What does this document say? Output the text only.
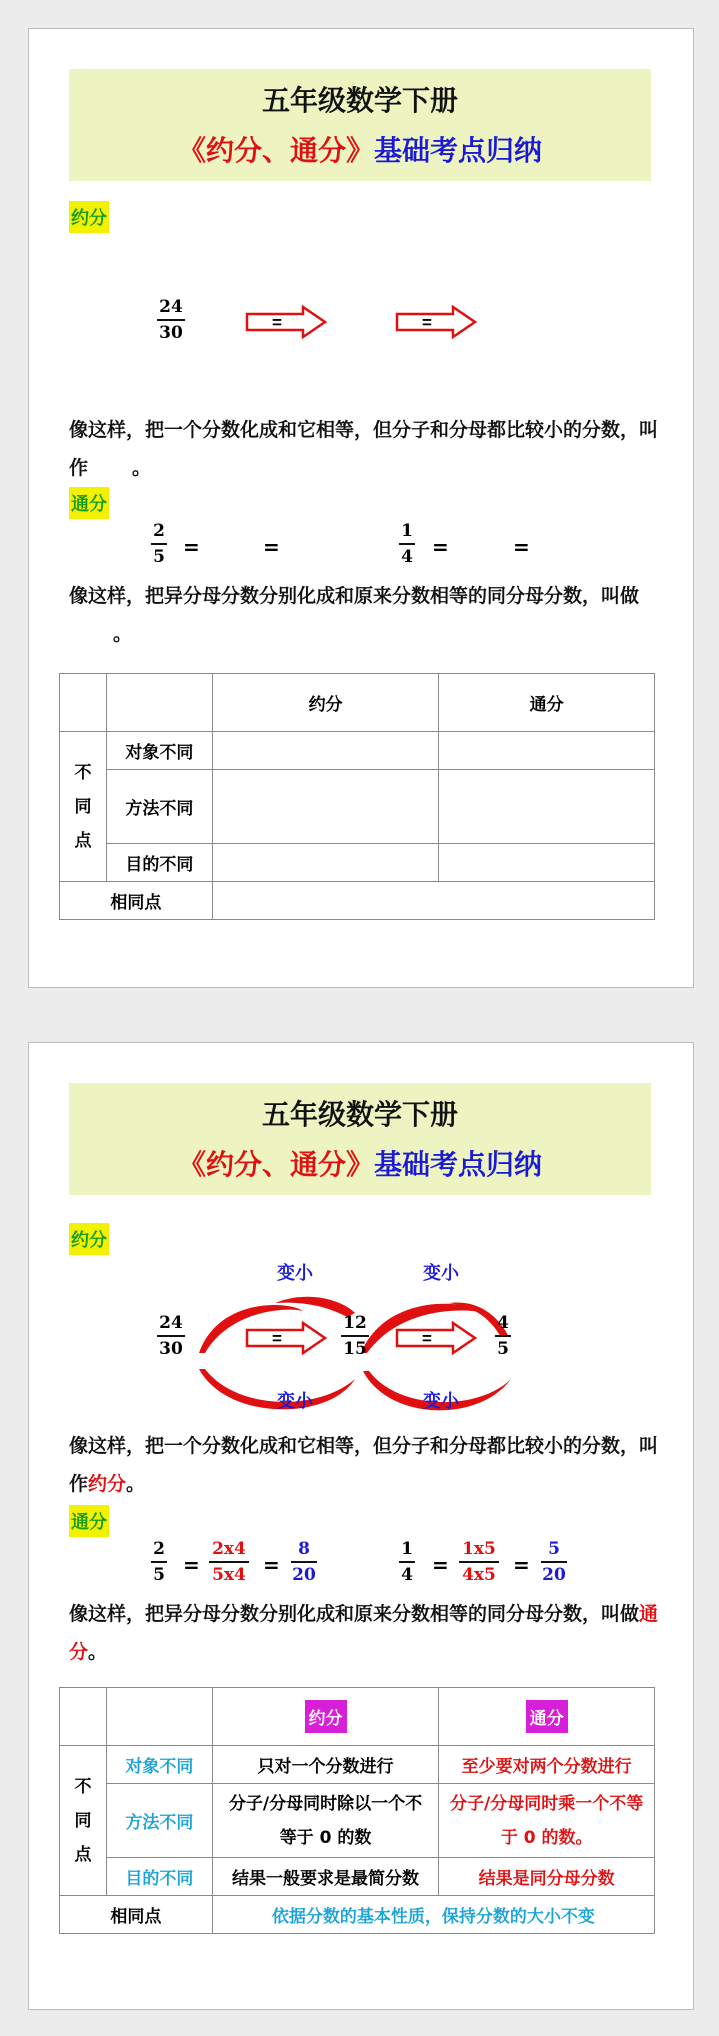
五年级数学下册
《约分、通分》基础考点归纳
约分
24
30
=	=
像这样，把一个分数化成和它相等，但分子和分母都比较小的分数，叫作 。
通分
2
5 =	=
1
4 =	=
像这样，把异分母分数分别化成和原来分数相等的同分母分数，叫做。
		约分	通分

不
同
点	对象不同		
	方法不同		
	目的不同		
相同点			
五年级数学下册
《约分、通分》基础考点归纳
约分
变小	变小
变小	变小
24
30
=
12
15
=
4
5
像这样，把一个分数化成和它相等，但分子和分母都比较小的分数，叫作约分。
通分
2
5 =
2x4
5x4 =
8
20
1
4 =
1x5
4x5 =
5
20
像这样，把异分母分数分别化成和原来分数相等的同分母分数，叫做通分。
		约分	通分

不
同
点	对象不同	只对一个分数进行	至少要对两个分数进行
	方法不同	分子/分母同时除以一个不等于 0 的数	分子/分母同时乘一个不等于 0 的数。
	目的不同	结果一般要求是最简分数	结果是同分母分数
相同点		依据分数的基本性质，保持分数的大小不变	
